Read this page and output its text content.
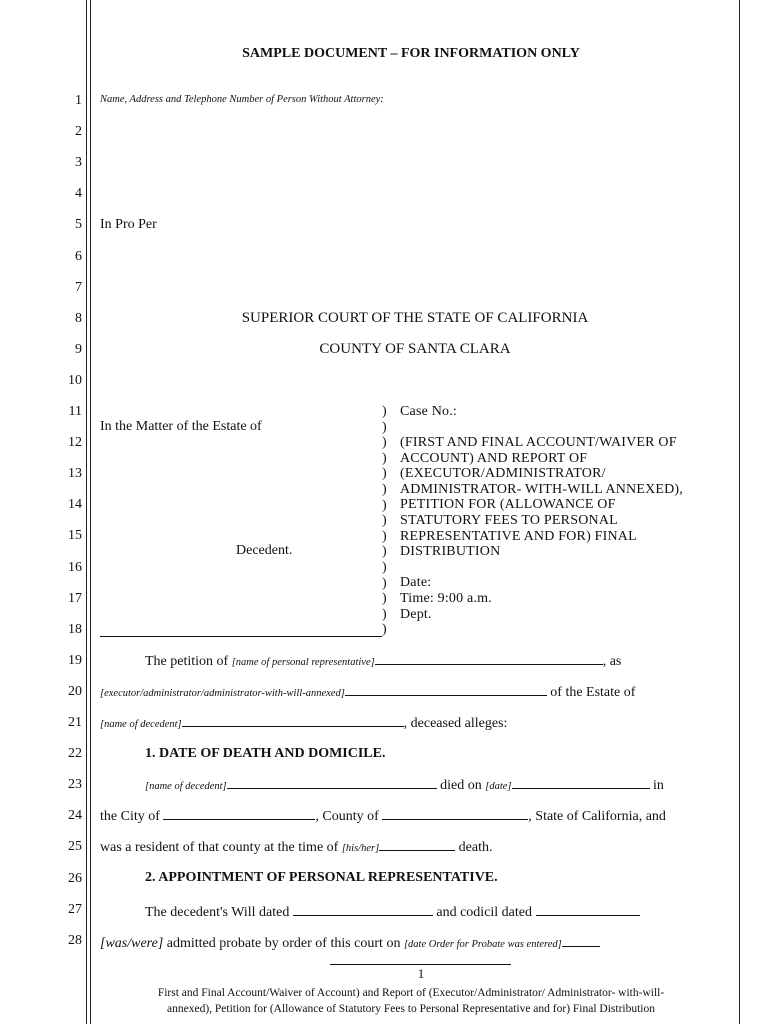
SAMPLE DOCUMENT – FOR INFORMATION ONLY
1
2
3
4
5
6
7
8
9
10
11
12
13
14
15
16
17
18
19
20
21
22
23
24
25
26
27
28
Name, Address and Telephone Number of Person Without Attorney:
In Pro Per
SUPERIOR COURT OF THE STATE OF CALIFORNIA
COUNTY OF SANTA CLARA
In the Matter of the Estate of
Decedent.
)
)
)
)
)
)
)
)
)
)
)
)
)
)
)
Case No.:
(FIRST AND FINAL ACCOUNT/WAIVER OF
ACCOUNT) AND REPORT OF
(EXECUTOR/ADMINISTRATOR/
ADMINISTRATOR- WITH-WILL ANNEXED),
PETITION FOR (ALLOWANCE OF
STATUTORY FEES TO PERSONAL
REPRESENTATIVE AND FOR) FINAL
DISTRIBUTION
Date:
Time: 9:00 a.m.
Dept.
The petition of [name of personal representative]	, as
[executor/administrator/administrator-with-will-annexed]	of the Estate of
[name of decedent]	, deceased alleges:
1. DATE OF DEATH AND DOMICILE.
[name of decedent]	died on [date]	in
the City of	, County of	, State of California, and
was a resident of that county at the time of [his/her]	death.
2. APPOINTMENT OF PERSONAL REPRESENTATIVE.
The decedent's Will dated	and codicil dated
[was/were] admitted probate by order of this court on [date Order for Probate was entered]
1
First and Final Account/Waiver of Account) and Report of (Executor/Administrator/ Administrator- with-will-
annexed), Petition for (Allowance of Statutory Fees to Personal Representative and for) Final Distribution
